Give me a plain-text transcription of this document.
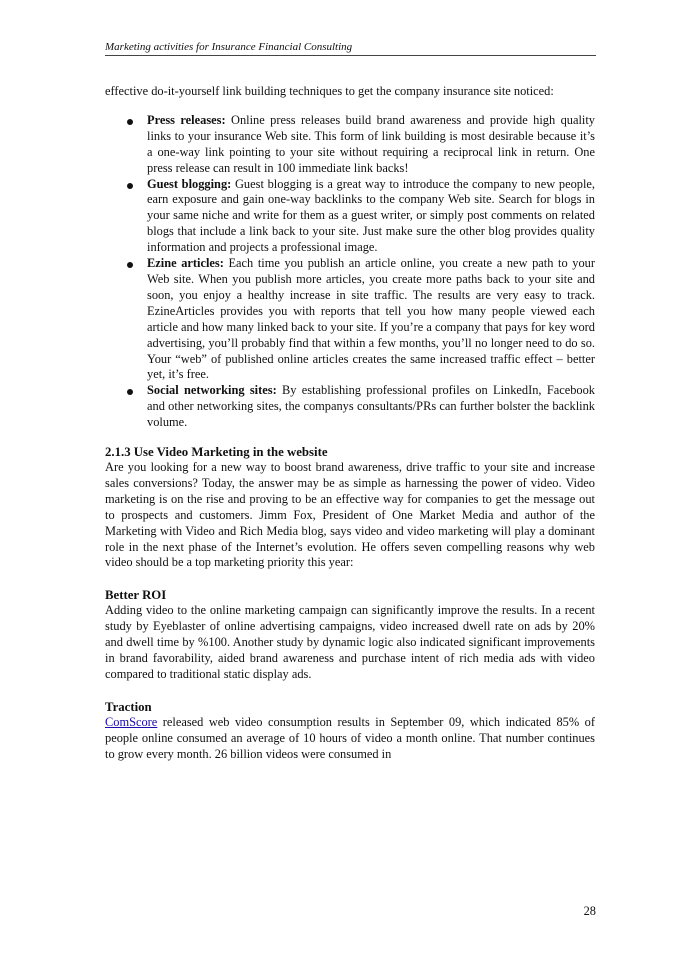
Marketing activities for Insurance Financial Consulting

effective do-it-yourself link building techniques to get the company insurance site noticed:

Press releases: Online press releases build brand awareness and provide high quality links to your insurance Web site. This form of link building is most desirable because it’s a one-way link pointing to your site without requiring a reciprocal link in return. One press release can result in 100 immediate link backs!
Guest blogging: Guest blogging is a great way to introduce the company to new people, earn exposure and gain one-way backlinks to the company Web site. Search for blogs in your same niche and write for them as a guest writer, or simply post comments on related blogs that include a link back to your site. Just make sure the other blog provides quality information and projects a professional image.
Ezine articles: Each time you publish an article online, you create a new path to your Web site. When you publish more articles, you create more paths back to your site and soon, you enjoy a healthy increase in site traffic. The results are very easy to track. EzineArticles provides you with reports that tell you how many people viewed each article and how many linked back to your site. If you’re a company that pays for key word advertising, you’ll probably find that within a few months, you’ll no longer need to do so. Your “web” of published online articles creates the same increased traffic effect – better yet, it’s free.
Social networking sites: By establishing professional profiles on LinkedIn, Facebook and other networking sites, the companys consultants/PRs can further bolster the backlink volume.
2.1.3 Use Video Marketing in the website

Are you looking for a new way to boost brand awareness, drive traffic to your site and increase sales conversions? Today, the answer may be as simple as harnessing the power of video. Video marketing is on the rise and proving to be an effective way for companies to get the message out to prospects and customers. Jimm Fox, President of One Market Media and author of the Marketing with Video and Rich Media blog, says video and video marketing will play a dominant role in the next phase of the Internet’s evolution. He offers seven compelling reasons why web video should be a top marketing priority this year:

Better ROI

Adding video to the online marketing campaign can significantly improve the results. In a recent study by Eyeblaster of online advertising campaigns, video increased dwell rate on ads by 20% and dwell time by %100. Another study by dynamic logic also indicated significant improvements in brand favorability, aided brand awareness and purchase intent of rich media ads with video compared to traditional static display ads.

Traction

ComScore released web video consumption results in September 09, which indicated 85% of people online consumed an average of 10 hours of video a month online. That number continues to grow every month. 26 billion videos were consumed in

28
